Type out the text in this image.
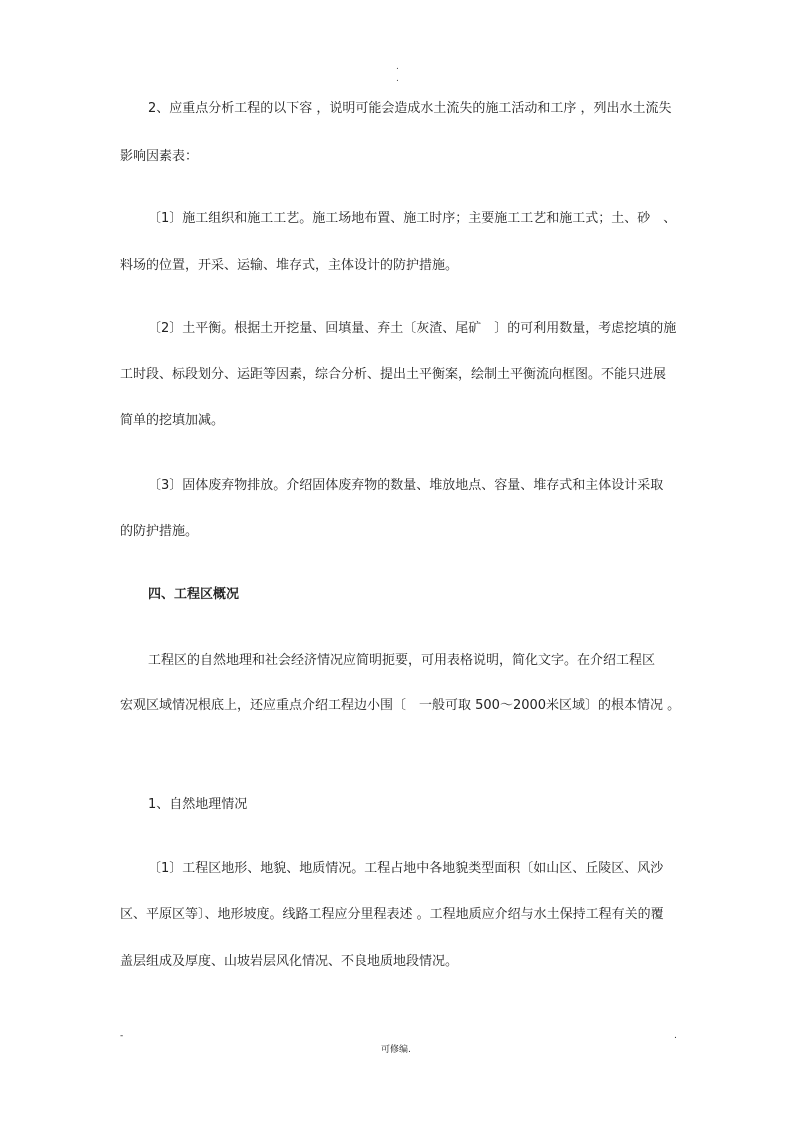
.
.
2、应重点分析工程的以下容 ，说明可能会造成水土流失的施工活动和工序 ，列出水土流失
影响因素表：
〔1〕施工组织和施工工艺。施工场地布置、施工时序；主要施工工艺和施工式；土、砂　、
料场的位置，开采、运输、堆存式，主体设计的防护措施。
〔2〕土平衡。根据土开挖量、回填量、弃土〔灰渣、尾矿　〕的可利用数量，考虑挖填的施
工时段、标段划分、运距等因素，综合分析、提出土平衡案，绘制土平衡流向框图。不能只进展
简单的挖填加减。
〔3〕固体废弃物排放。介绍固体废弃物的数量、堆放地点、容量、堆存式和主体设计采取
的防护措施。
四、工程区概况
工程区的自然地理和社会经济情况应简明扼要，可用表格说明，简化文字。在介绍工程区
宏观区域情况根底上，还应重点介绍工程边小围〔　一般可取 500～2000米区域〕的根本情况 。
1、自然地理情况
〔1〕工程区地形、地貌、地质情况。工程占地中各地貌类型面积〔如山区、丘陵区、风沙
区、平原区等〕、地形坡度。线路工程应分里程表述 。工程地质应介绍与水土保持工程有关的覆
盖层组成及厚度、山坡岩层风化情况、不良地质地段情况。
-
可修编.
.
